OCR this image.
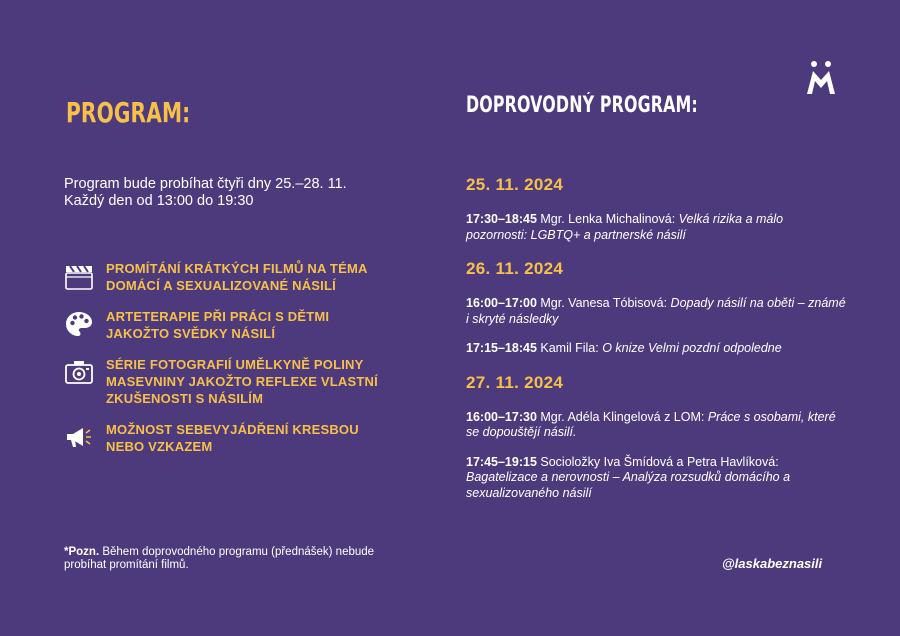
PROGRAM:	DOPROVODNÝ PROGRAM:
Program bude probíhat čtyři dny 25.–28. 11.
Každý den od 13:00 do 19:30
PROMÍTÁNÍ KRÁTKÝCH FILMŮ NA TÉMA DOMÁCÍ A SEXUALIZOVANÉ NÁSILÍ
ARTETERAPIE PŘI PRÁCI S DĚTMI JAKOŽTO SVĚDKY NÁSILÍ
SÉRIE FOTOGRAFIÍ UMĚLKYNĚ POLINY MASEVNINY JAKOŽTO REFLEXE VLASTNÍ ZKUŠENOSTI S NÁSILÍM
MOŽNOST SEBEVYJÁDŘENÍ KRESBOU NEBO VZKAZEM
*Pozn. Během doprovodného programu (přednášek) nebude probíhat promítání filmů.
25. 11. 2024
17:30–18:45 Mgr. Lenka Michalinová: Velká rizika a málo pozornosti: LGBTQ+ a partnerské násilí
26. 11. 2024
16:00–17:00 Mgr. Vanesa Tóbisová: Dopady násilí na oběti – známé i skryté následky
17:15–18:45 Kamil Fila: O knize Velmi pozdní odpoledne
27. 11. 2024
16:00–17:30 Mgr. Adéla Klingelová z LOM: Práce s osobami, které se dopouštějí násilí.
17:45–19:15 Socioložky Iva Šmídová a Petra Havlíková: Bagatelizace a nerovnosti – Analýza rozsudků domácího a sexualizovaného násilí
@laskabeznasili
